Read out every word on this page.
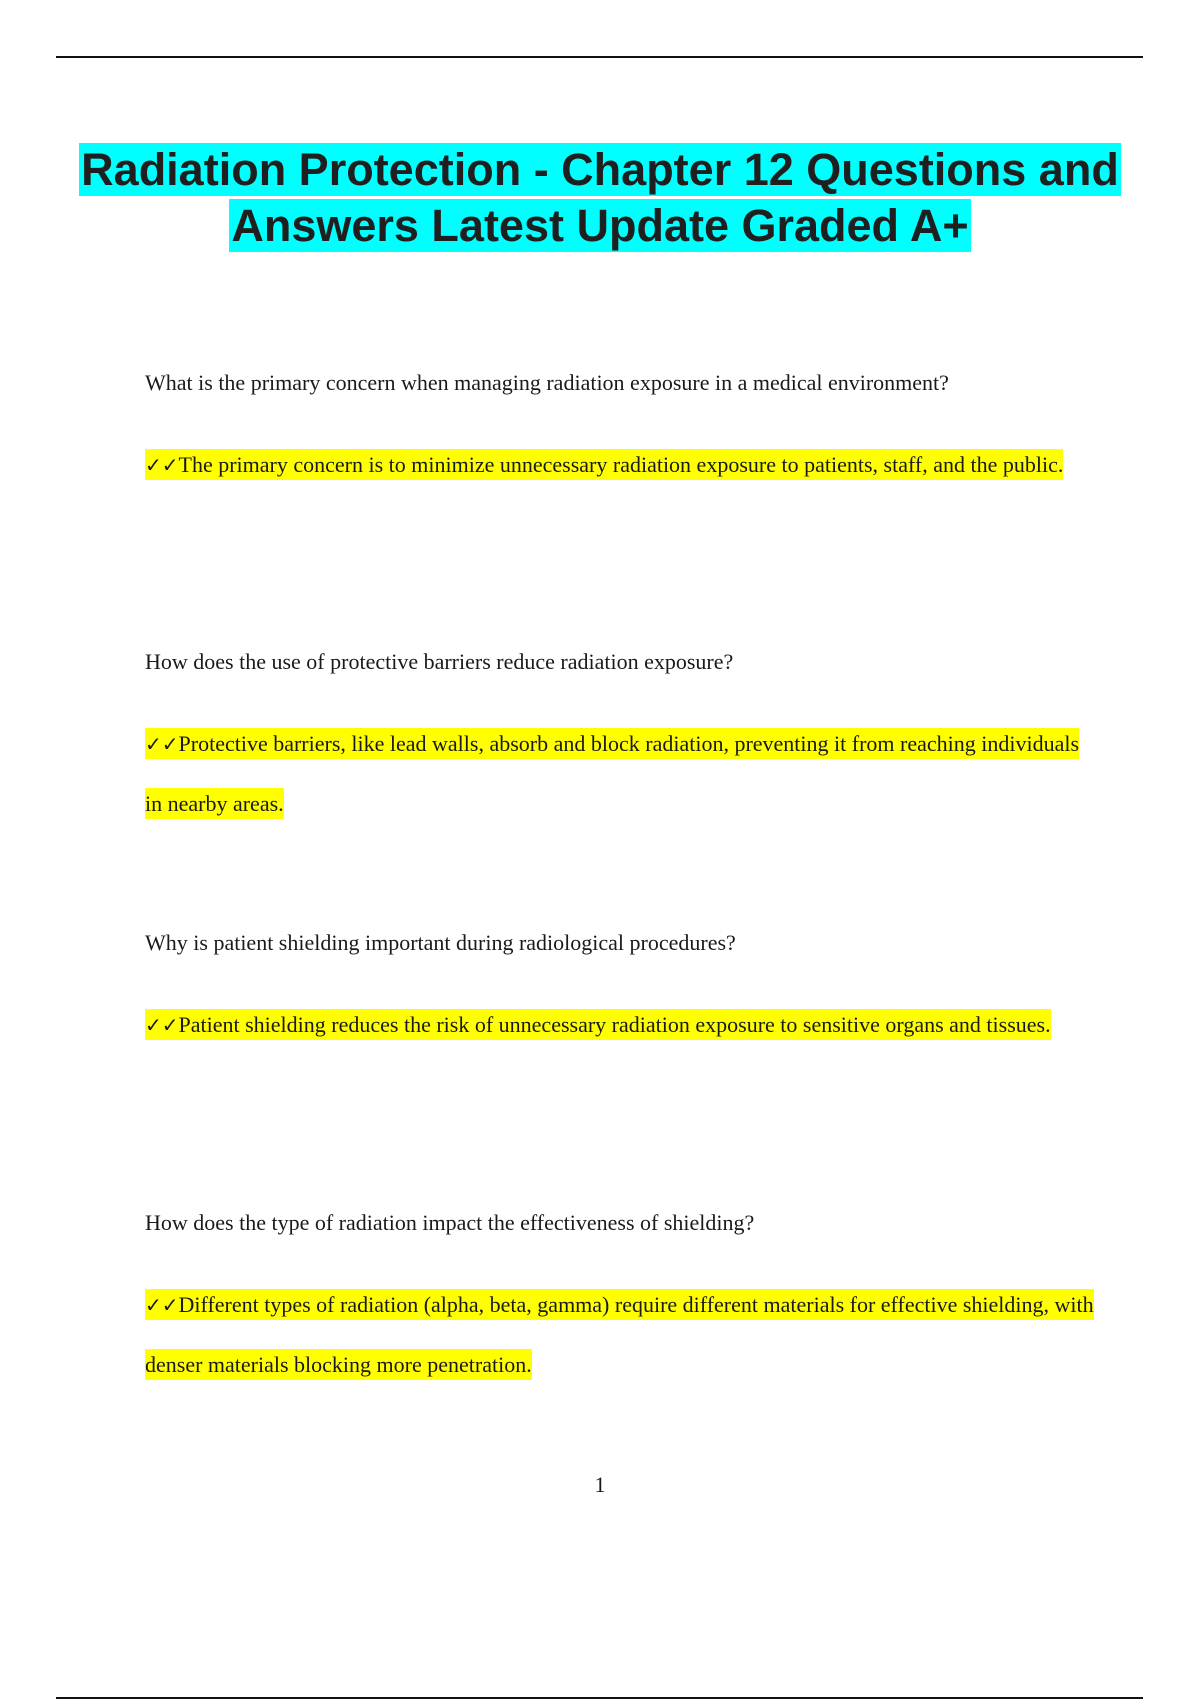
Radiation Protection - Chapter 12 Questions and Answers Latest Update Graded A+

What is the primary concern when managing radiation exposure in a medical environment?

✓✓The primary concern is to minimize unnecessary radiation exposure to patients, staff, and the public.

How does the use of protective barriers reduce radiation exposure?

✓✓Protective barriers, like lead walls, absorb and block radiation, preventing it from reaching individuals in nearby areas.

Why is patient shielding important during radiological procedures?

✓✓Patient shielding reduces the risk of unnecessary radiation exposure to sensitive organs and tissues.

How does the type of radiation impact the effectiveness of shielding?

✓✓Different types of radiation (alpha, beta, gamma) require different materials for effective shielding, with denser materials blocking more penetration.

1
